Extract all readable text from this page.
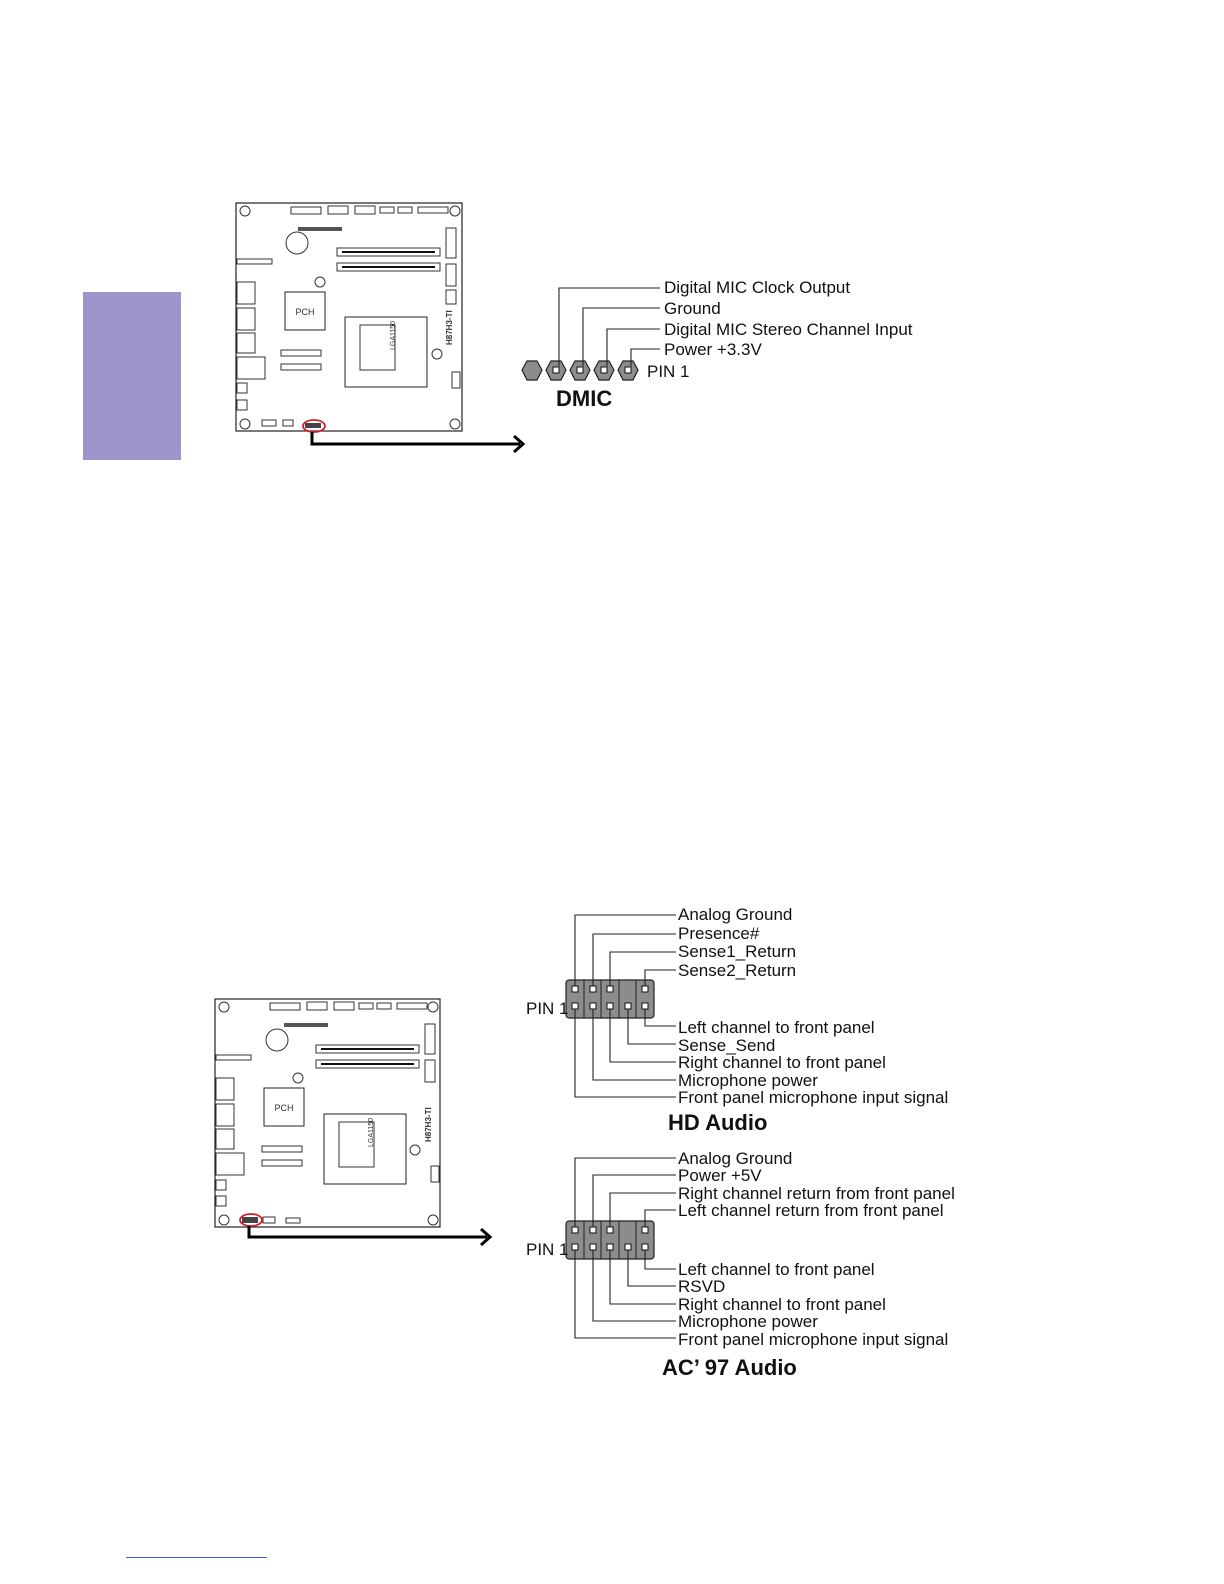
PCH
LGA1150	H87H3-TI
Digital MIC Clock Output
Ground
Digital MIC Stereo Channel Input
Power +3.3V
PIN 1
DMIC
PCH
LGA1150	H87H3-TI
Analog Ground
Presence#
Sense1_Return
Sense2_Return
PIN 1
Left channel to front panel
Sense_Send
Right channel to front panel
Microphone power
Front panel microphone input signal
HD Audio
Analog Ground
Power +5V
Right channel return from front panel
Left channel return from front panel
PIN 1
Left channel to front panel
RSVD
Right channel to front panel
Microphone power
Front panel microphone input signal
AC’ 97 Audio
